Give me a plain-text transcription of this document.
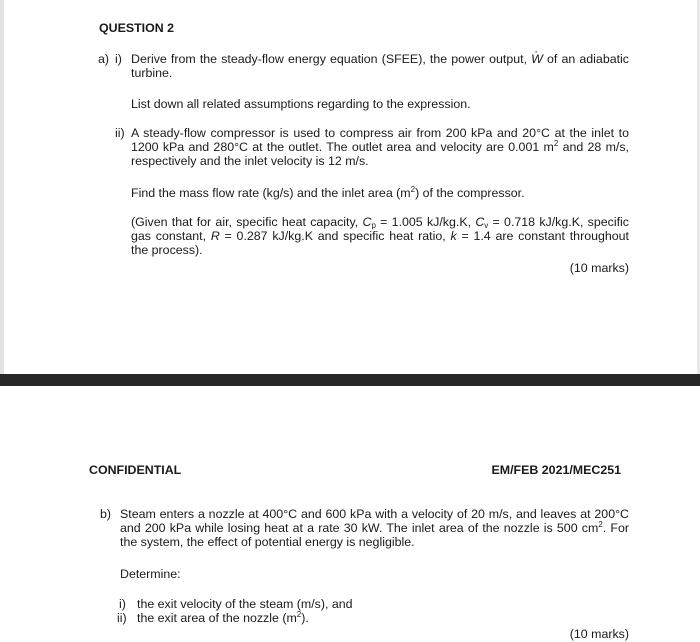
QUESTION 2
a) i) Derive from the steady-flow energy equation (SFEE), the power output, · W of an adiabatic turbine.
List down all related assumptions regarding to the expression.
ii) A steady-flow compressor is used to compress air from 200 kPa and 20°C at the inlet to 1200 kPa and 280°C at the outlet. The outlet area and velocity are 0.001 $m^2$ and 28 m/s, respectively and the inlet velocity is 12 m/s.
Find the mass flow rate (kg/s) and the inlet area $(m^2)$ of the compressor.
(Given that for air, specific heat capacity, $C_p = 1.005$ kJ/kg.K, $C_v = 0.718$ kJ/kg.K, specific gas constant, R = 0.287 kJ/kg.K and specific heat ratio, k = 1.4 are constant throughout the process).
(10 marks)
CONFIDENTIAL	EM/FEB 2021/MEC251
b) Steam enters a nozzle at 400°C and 600 kPa with a velocity of 20 m/s, and leaves at 200°C and 200 kPa while losing heat at a rate 30 kW. The inlet area of the nozzle is 500 $cm^2$. For the system, the effect of potential energy is negligible.
Determine:
i) the exit velocity of the steam (m/s), and
ii) the exit area of the nozzle $(m^2)$.
(10 marks)
